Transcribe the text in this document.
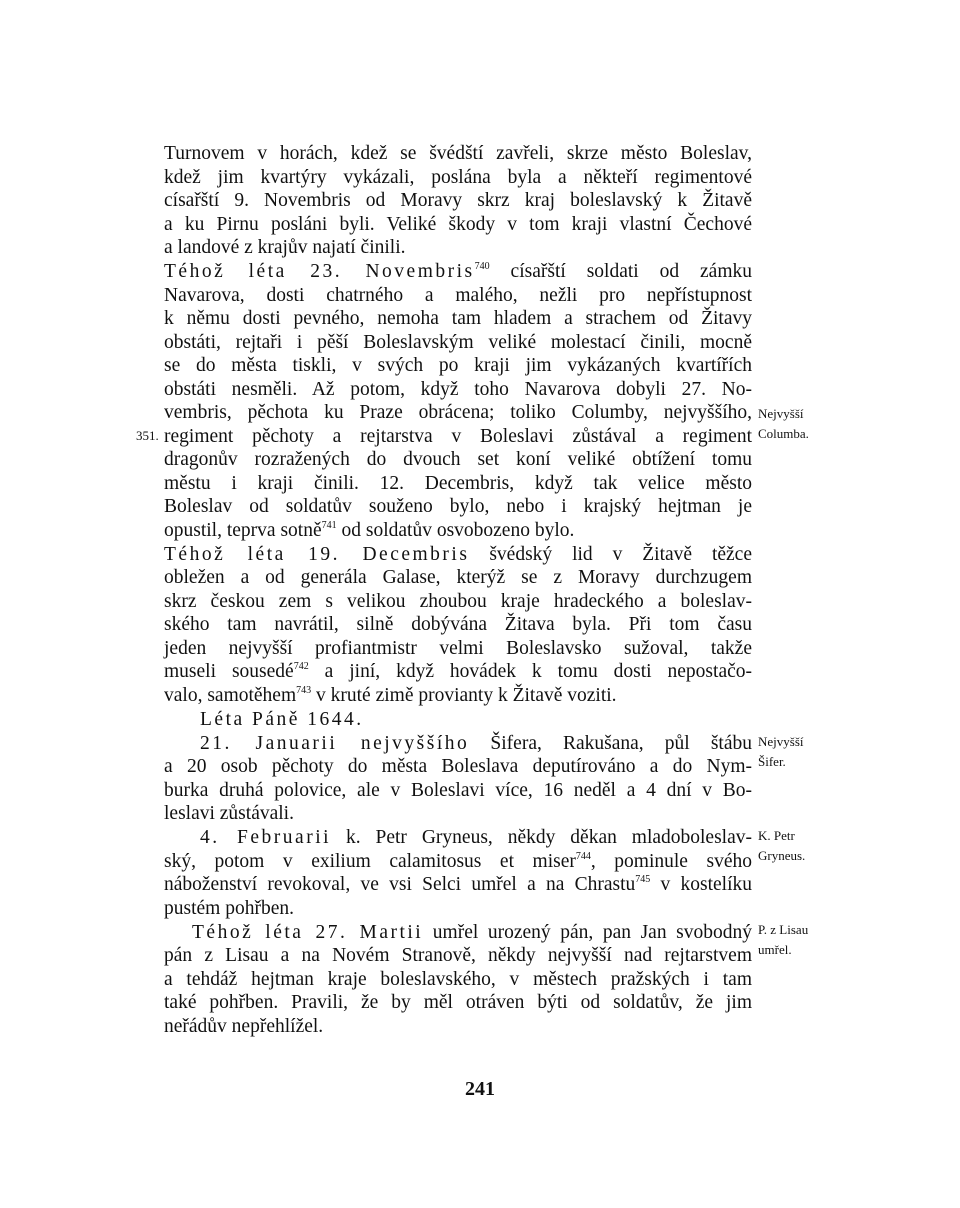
Turnovem v horách, kdež se švédští zavřeli, skrze město Boleslav,
kdež jim kvartýry vykázali, poslána byla a někteří regimentové
císařští 9. Novembris od Moravy skrz kraj boleslavský k Žitavě
a ku Pirnu posláni byli. Veliké škody v tom kraji vlastní Čechové
a landové z krajův najatí činili.
Téhož léta 23. Novembris$^{740}$ císařští soldati od zámku
Navarova, dosti chatrného a malého, nežli pro nepřístupnost
k němu dosti pevného, nemoha tam hladem a strachem od Žitavy
obstáti, rejtaři i pěší Boleslavským veliké molestací činili, mocně
se do města tiskli, v svých po kraji jim vykázaných kvartířích
obstáti nesměli. Až potom, když toho Navarova dobyli 27. No-
vembris, pěchota ku Praze obrácena; toliko Columby, nejvyššího,
regiment pěchoty a rejtarstva v Boleslavi zůstával a regiment
dragonův rozražených do dvouch set koní veliké obtížení tomu
městu i kraji činili. 12. Decembris, když tak velice město
Boleslav od soldatův souženo bylo, nebo i krajský hejtman je
opustil, teprva sotně$^{741}$ od soldatův osvobozeno bylo.
Téhož léta 19. Decembris švédský lid v Žitavě těžce
obležen a od generála Galase, kterýž se z Moravy durchzugem
skrz českou zem s velikou zhoubou kraje hradeckého a boleslav-
ského tam navrátil, silně dobývána Žitava byla. Při tom času
jeden nejvyšší profiantmistr velmi Boleslavsko sužoval, takže
museli sousedé$^{742}$ a jiní, když hovádek k tomu dosti nepostačo-
valo, samotěhem$^{743}$ v kruté zimě provianty k Žitavě voziti.
Léta Páně 1644.
21. Januarii nejvyššího Šifera, Rakušana, půl štábu
a 20 osob pěchoty do města Boleslava deputírováno a do Nym-
burka druhá polovice, ale v Boleslavi více, 16 neděl a 4 dní v Bo-
leslavi zůstávali.
4. Februarii k. Petr Gryneus, někdy děkan mladoboleslav-
ský, potom v exilium calamitosus et miser$^{744}$, pominule svého
náboženství revokoval, ve vsi Selci umřel a na Chrastu$^{745}$ v kostelíku
pustém pohřben.
Téhož léta 27. Martii umřel urozený pán, pan Jan svobodný
pán z Lisau a na Novém Stranově, někdy nejvyšší nad rejtarstvem
a tehdáž hejtman kraje boleslavského, v městech pražských i tam
také pohřben. Pravili, že by měl otráven býti od soldatův, že jim
neřádův nepřehlížel.
351.
Nejvyšší
Columba.
Nejvyšší
Šifer.
K. Petr
Gryneus.
P. z Lisau
umřel.
241
